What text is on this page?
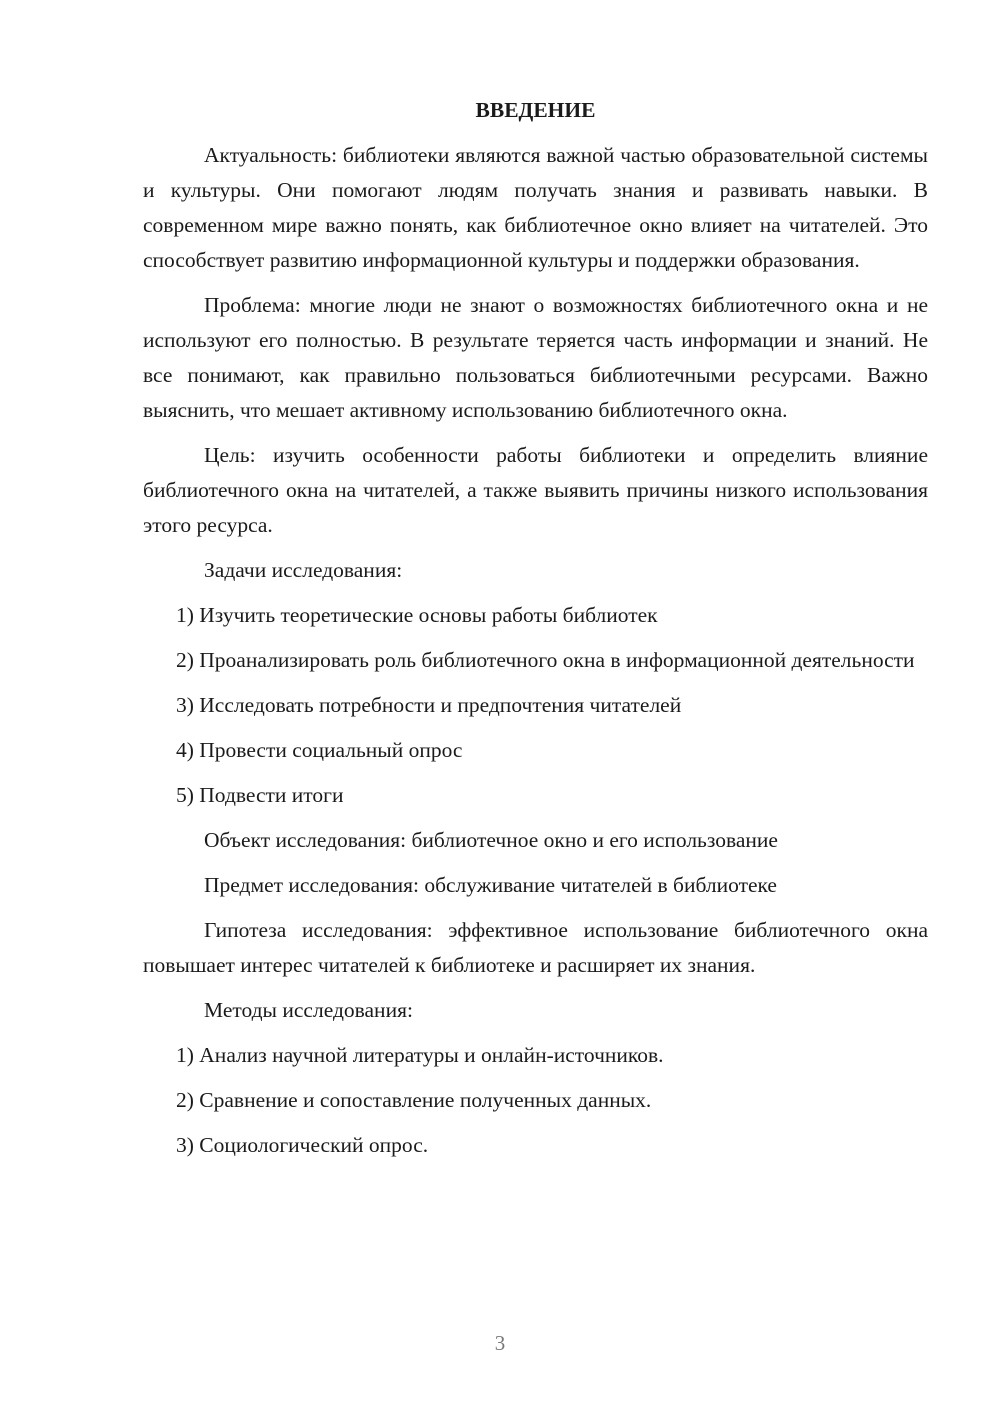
ВВЕДЕНИЕ
Актуальность: библиотеки являются важной частью образовательной системы и культуры. Они помогают людям получать знания и развивать навыки. В современном мире важно понять, как библиотечное окно влияет на читателей. Это способствует развитию информационной культуры и поддержки образования.
Проблема: многие люди не знают о возможностях библиотечного окна и не используют его полностью. В результате теряется часть информации и знаний. Не все понимают, как правильно пользоваться библиотечными ресурсами. Важно выяснить, что мешает активному использованию библиотечного окна.
Цель: изучить особенности работы библиотеки и определить влияние библиотечного окна на читателей, а также выявить причины низкого использования этого ресурса.
Задачи исследования:
1) Изучить теоретические основы работы библиотек
2) Проанализировать роль библиотечного окна в информационной деятельности
3) Исследовать потребности и предпочтения читателей
4) Провести социальный опрос
5) Подвести итоги
Объект исследования: библиотечное окно и его использование
Предмет исследования: обслуживание читателей в библиотеке
Гипотеза исследования: эффективное использование библиотечного окна повышает интерес читателей к библиотеке и расширяет их знания.
Методы исследования:
1) Анализ научной литературы и онлайн-источников.
2) Сравнение и сопоставление полученных данных.
3) Социологический опрос.
3
